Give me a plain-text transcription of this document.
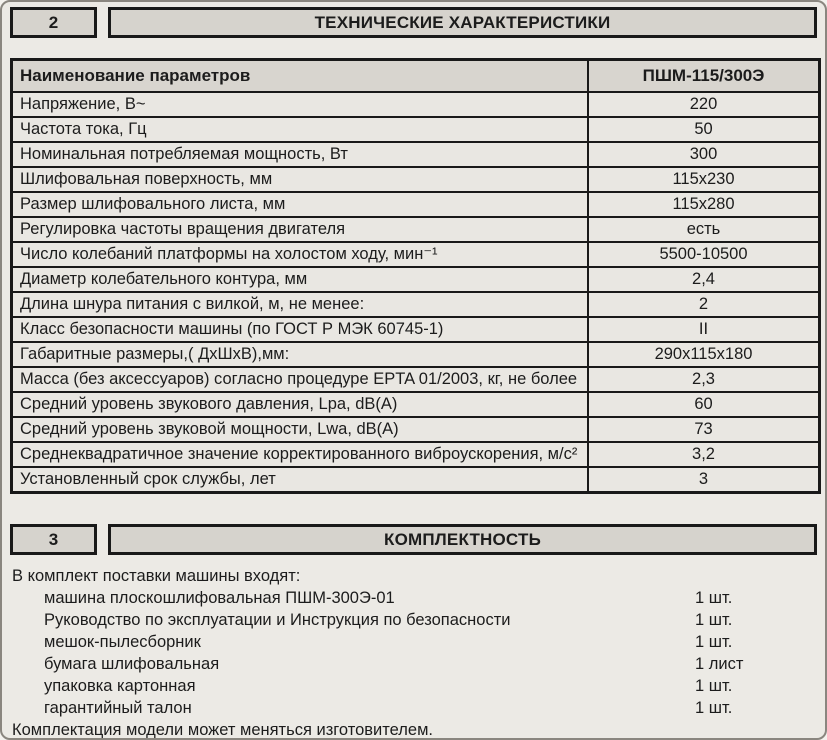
2	ТЕХНИЧЕСКИЕ ХАРАКТЕРИСТИКИ
Наименование параметров	ПШМ-115/300Э
Напряжение, В~	220
Частота тока, Гц	50
Номинальная потребляемая мощность, Вт	300
Шлифовальная поверхность, мм	115x230
Размер шлифовального листа, мм	115x280
Регулировка частоты вращения двигателя	есть
Число колебаний платформы на холостом ходу, мин⁻¹	5500-10500
Диаметр колебательного контура, мм	2,4
Длина шнура питания с вилкой, м, не менее:	2
Класс безопасности машины (по ГОСТ Р МЭК 60745-1)	II
Габаритные размеры,( ДхШхВ),мм:	290x115x180
Масса (без аксессуаров) согласно процедуре EPTA 01/2003, кг, не более	2,3
Средний уровень звукового давления, Lpa, dB(A)	60
Средний уровень звуковой мощности, Lwa, dB(A)	73
Среднеквадратичное значение корректированного виброускорения, м/с²	3,2
Установленный срок службы, лет	3
3	КОМПЛЕКТНОСТЬ
В комплект поставки машины входят:
машина плоскошлифовальная ПШМ-300Э-01	1 шт.
Руководство по эксплуатации и Инструкция по безопасности	1 шт.
мешок-пылесборник	1 шт.
бумага шлифовальная	1 лист
упаковка картонная	1 шт.
гарантийный талон	1 шт.
Комплектация модели может меняться изготовителем.
